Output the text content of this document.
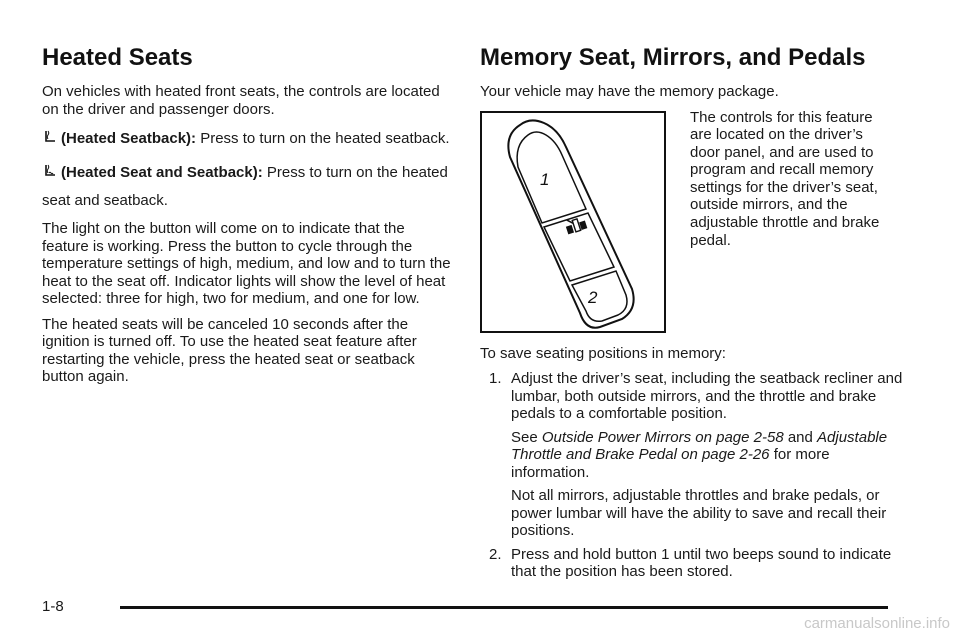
Heated Seats

On vehicles with heated front seats, the controls are located on the driver and passenger doors.

(Heated Seatback): Press to turn on the heated seatback.

(Heated Seat and Seatback): Press to turn on the heated seat and seatback.

The light on the button will come on to indicate that the feature is working. Press the button to cycle through the temperature settings of high, medium, and low and to turn the heat to the seat off. Indicator lights will show the level of heat selected: three for high, two for medium, and one for low.

The heated seats will be canceled 10 seconds after the ignition is turned off. To use the heated seat feature after restarting the vehicle, press the heated seat or seatback button again.

Memory Seat, Mirrors, and Pedals

Your vehicle may have the memory package.

1
2
The controls for this feature are located on the driver’s door panel, and are used to program and recall memory settings for the driver’s seat, outside mirrors, and the adjustable throttle and brake pedal.

To save seating positions in memory:

1. Adjust the driver’s seat, including the seatback recliner and lumbar, both outside mirrors, and the throttle and brake pedals to a comfortable position.

See Outside Power Mirrors on page 2-58 and Adjustable Throttle and Brake Pedal on page 2-26 for more information.

Not all mirrors, adjustable throttles and brake pedals, or power lumbar will have the ability to save and recall their positions.

2. Press and hold button 1 until two beeps sound to indicate that the position has been stored.
1-8
carmanualsonline.info
